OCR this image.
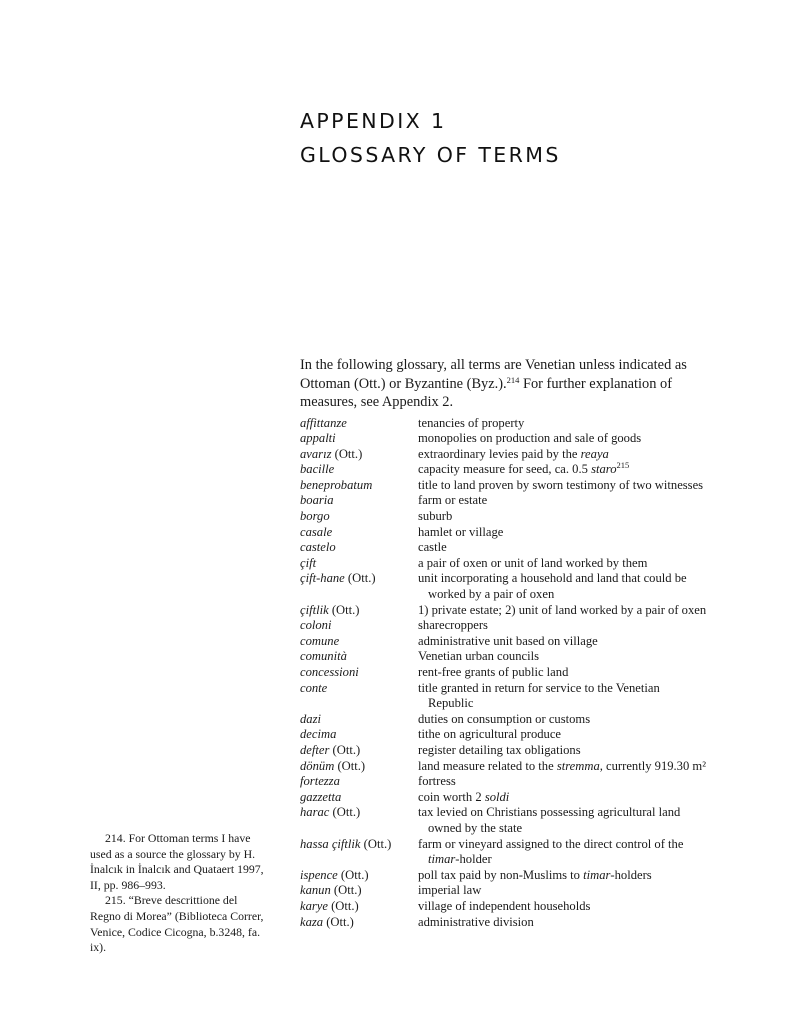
APPENDIX 1
GLOSSARY OF TERMS

In the following glossary, all terms are Venetian unless indicated as Ottoman (Ott.) or Byzantine (Byz.).$^{214}$ For further explanation of measures, see Appendix 2.

affittanze	tenancies of property
appalti	monopolies on production and sale of goods
avarız (Ott.)	extraordinary levies paid by the reaya
bacille	capacity measure for seed, ca. 0.5 staro$^{215}$
beneprobatum	title to land proven by sworn testimony of two witnesses
boaria	farm or estate
borgo	suburb
casale	hamlet or village
castelo	castle
çift	a pair of oxen or unit of land worked by them
çift-hane (Ott.)	unit incorporating a household and land that could be
worked by a pair of oxen
çiftlik (Ott.)	1) private estate; 2) unit of land worked by a pair of oxen
coloni	sharecroppers
comune	administrative unit based on village
comunità	Venetian urban councils
concessioni	rent-free grants of public land
conte	title granted in return for service to the Venetian
Republic
dazi	duties on consumption or customs
decima	tithe on agricultural produce
defter (Ott.)	register detailing tax obligations
dönüm (Ott.)	land measure related to the stremma, currently 919.30 m²
fortezza	fortress
gazzetta	coin worth 2 soldi
harac (Ott.)	tax levied on Christians possessing agricultural land
owned by the state
hassa çiftlik (Ott.)	farm or vineyard assigned to the direct control of the
timar-holder
ispence (Ott.)	poll tax paid by non-Muslims to timar-holders
kanun (Ott.)	imperial law
karye (Ott.)	village of independent households
kaza (Ott.)	administrative division

214. For Ottoman terms I have used as a source the glossary by H. İnalcık in İnalcık and Quataert 1997, II, pp. 986–993.

215. “Breve descrittione del Regno di Morea” (Biblioteca Correr, Venice, Codice Cicogna, b.3248, fa. ix).
